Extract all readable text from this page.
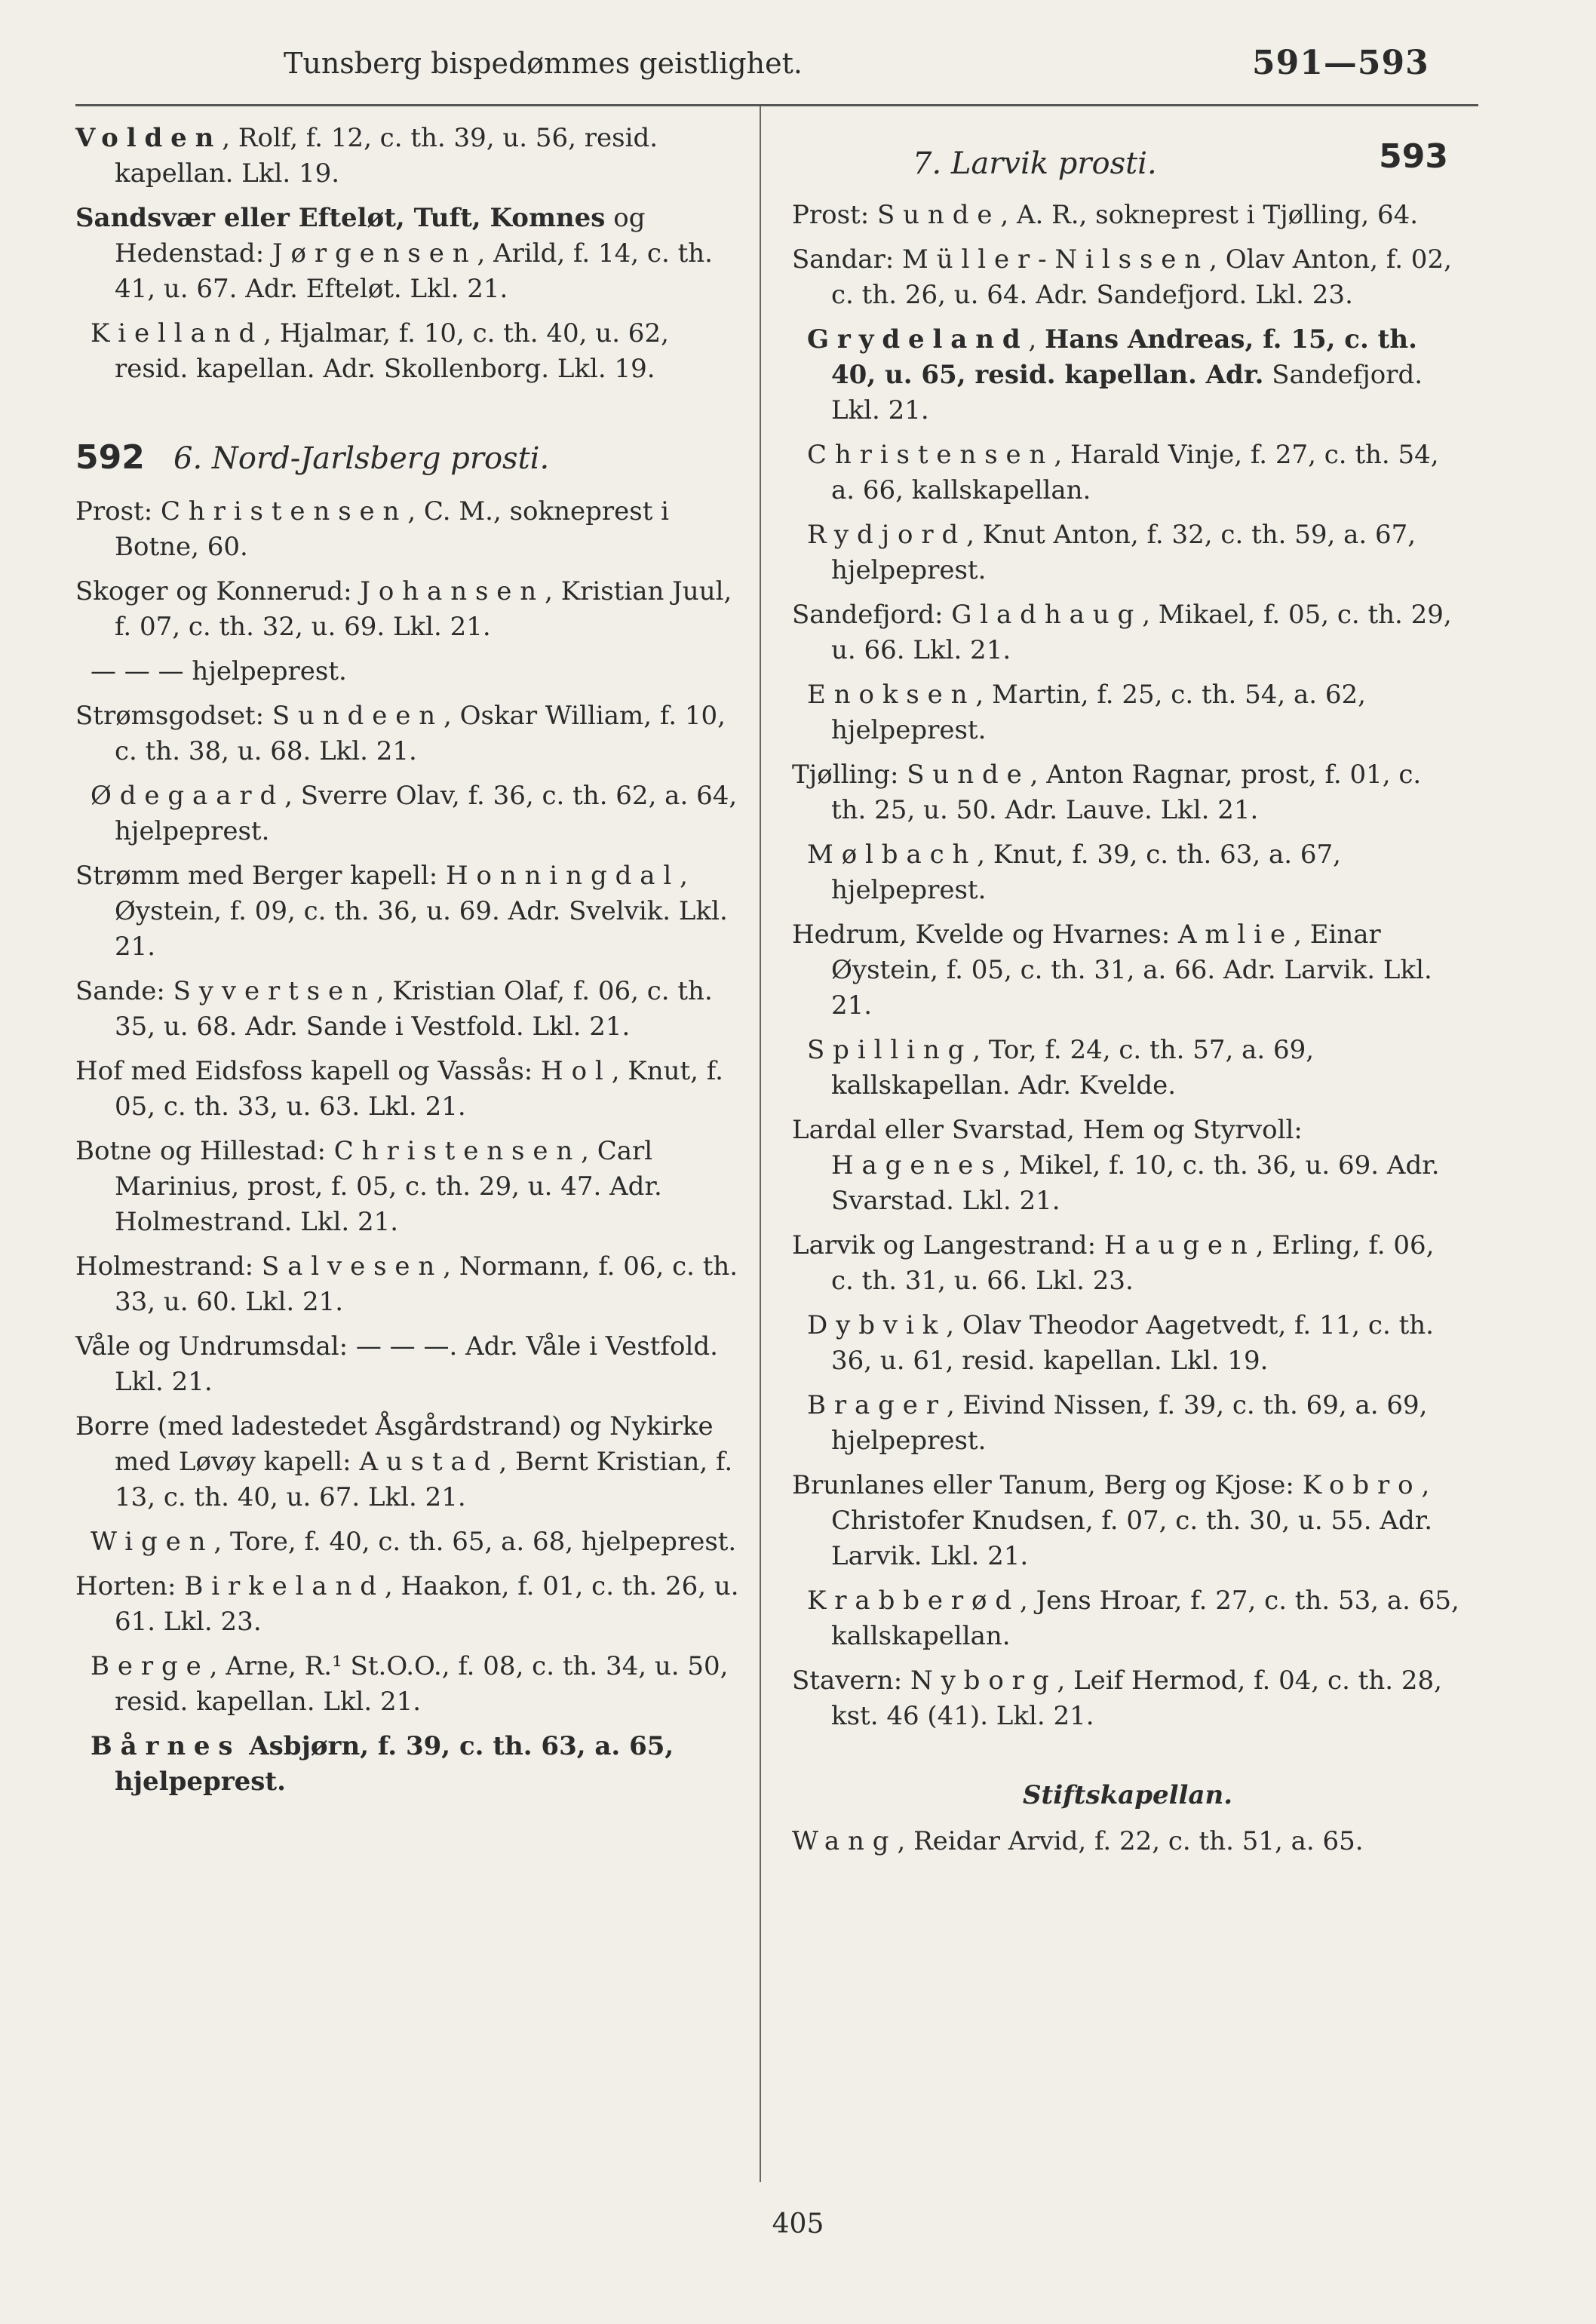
Tunsberg bispedømmes geistlighet.	591—593
Volden, Rolf, f. 12, c. th. 39, u. 56, resid. kapellan. Lkl. 19.
Sandsvær eller Efteløt, Tuft, Komnes og Hedenstad: Jørgensen, Arild, f. 14, c. th. 41, u. 67. Adr. Efteløt. Lkl. 21.
Kielland, Hjalmar, f. 10, c. th. 40, u. 62, resid. kapellan. Adr. Skollenborg. Lkl. 19.
592 6. Nord-Jarlsberg prosti.
Prost: Christensen, C. M., sokneprest i Botne, 60.
Skoger og Konnerud: Johansen, Kristian Juul, f. 07, c. th. 32, u. 69. Lkl. 21.
— — — hjelpeprest.
Strømsgodset: Sundeen, Oskar William, f. 10, c. th. 38, u. 68. Lkl. 21.
Ødegaard, Sverre Olav, f. 36, c. th. 62, a. 64, hjelpeprest.
Strømm med Berger kapell: Honningdal, Øystein, f. 09, c. th. 36, u. 69. Adr. Svelvik. Lkl. 21.
Sande: Syvertsen, Kristian Olaf, f. 06, c. th. 35, u. 68. Adr. Sande i Vestfold. Lkl. 21.
Hof med Eidsfoss kapell og Vassås: Hol, Knut, f. 05, c. th. 33, u. 63. Lkl. 21.
Botne og Hillestad: Christensen, Carl Marinius, prost, f. 05, c. th. 29, u. 47. Adr. Holmestrand. Lkl. 21.
Holmestrand: Salvesen, Normann, f. 06, c. th. 33, u. 60. Lkl. 21.
Våle og Undrumsdal: — — —. Adr. Våle i Vestfold. Lkl. 21.
Borre (med ladestedet Åsgårdstrand) og Nykirke med Løvøy kapell: Austad, Bernt Kristian, f. 13, c. th. 40, u. 67. Lkl. 21.
Wigen, Tore, f. 40, c. th. 65, a. 68, hjelpeprest.
Horten: Birkeland, Haakon, f. 01, c. th. 26, u. 61. Lkl. 23.
Berge, Arne, R.¹ St.O.O., f. 08, c. th. 34, u. 50, resid. kapellan. Lkl. 21.
Bårnes Asbjørn, f. 39, c. th. 63, a. 65, hjelpeprest.
7. Larvik prosti.	593
Prost: Sunde, A. R., sokneprest i Tjølling, 64.
Sandar: Müller-Nilssen, Olav Anton, f. 02, c. th. 26, u. 64. Adr. Sandefjord. Lkl. 23.
Grydeland, Hans Andreas, f. 15, c. th. 40, u. 65, resid. kapellan. Adr. Sandefjord. Lkl. 21.
Christensen, Harald Vinje, f. 27, c. th. 54, a. 66, kallskapellan.
Rydjord, Knut Anton, f. 32, c. th. 59, a. 67, hjelpeprest.
Sandefjord: Gladhaug, Mikael, f. 05, c. th. 29, u. 66. Lkl. 21.
Enoksen, Martin, f. 25, c. th. 54, a. 62, hjelpeprest.
Tjølling: Sunde, Anton Ragnar, prost, f. 01, c. th. 25, u. 50. Adr. Lauve. Lkl. 21.
Mølbach, Knut, f. 39, c. th. 63, a. 67, hjelpeprest.
Hedrum, Kvelde og Hvarnes: Amlie, Einar Øystein, f. 05, c. th. 31, a. 66. Adr. Larvik. Lkl. 21.
Spilling, Tor, f. 24, c. th. 57, a. 69, kallskapellan. Adr. Kvelde.
Lardal eller Svarstad, Hem og Styrvoll: Hagenes, Mikel, f. 10, c. th. 36, u. 69. Adr. Svarstad. Lkl. 21.
Larvik og Langestrand: Haugen, Erling, f. 06, c. th. 31, u. 66. Lkl. 23.
Dybvik, Olav Theodor Aagetvedt, f. 11, c. th. 36, u. 61, resid. kapellan. Lkl. 19.
Brager, Eivind Nissen, f. 39, c. th. 69, a. 69, hjelpeprest.
Brunlanes eller Tanum, Berg og Kjose: Kobro, Christofer Knudsen, f. 07, c. th. 30, u. 55. Adr. Larvik. Lkl. 21.
Krabberød, Jens Hroar, f. 27, c. th. 53, a. 65, kallskapellan.
Stavern: Nyborg, Leif Hermod, f. 04, c. th. 28, kst. 46 (41). Lkl. 21.
Stiftskapellan.
Wang, Reidar Arvid, f. 22, c. th. 51, a. 65.
405
